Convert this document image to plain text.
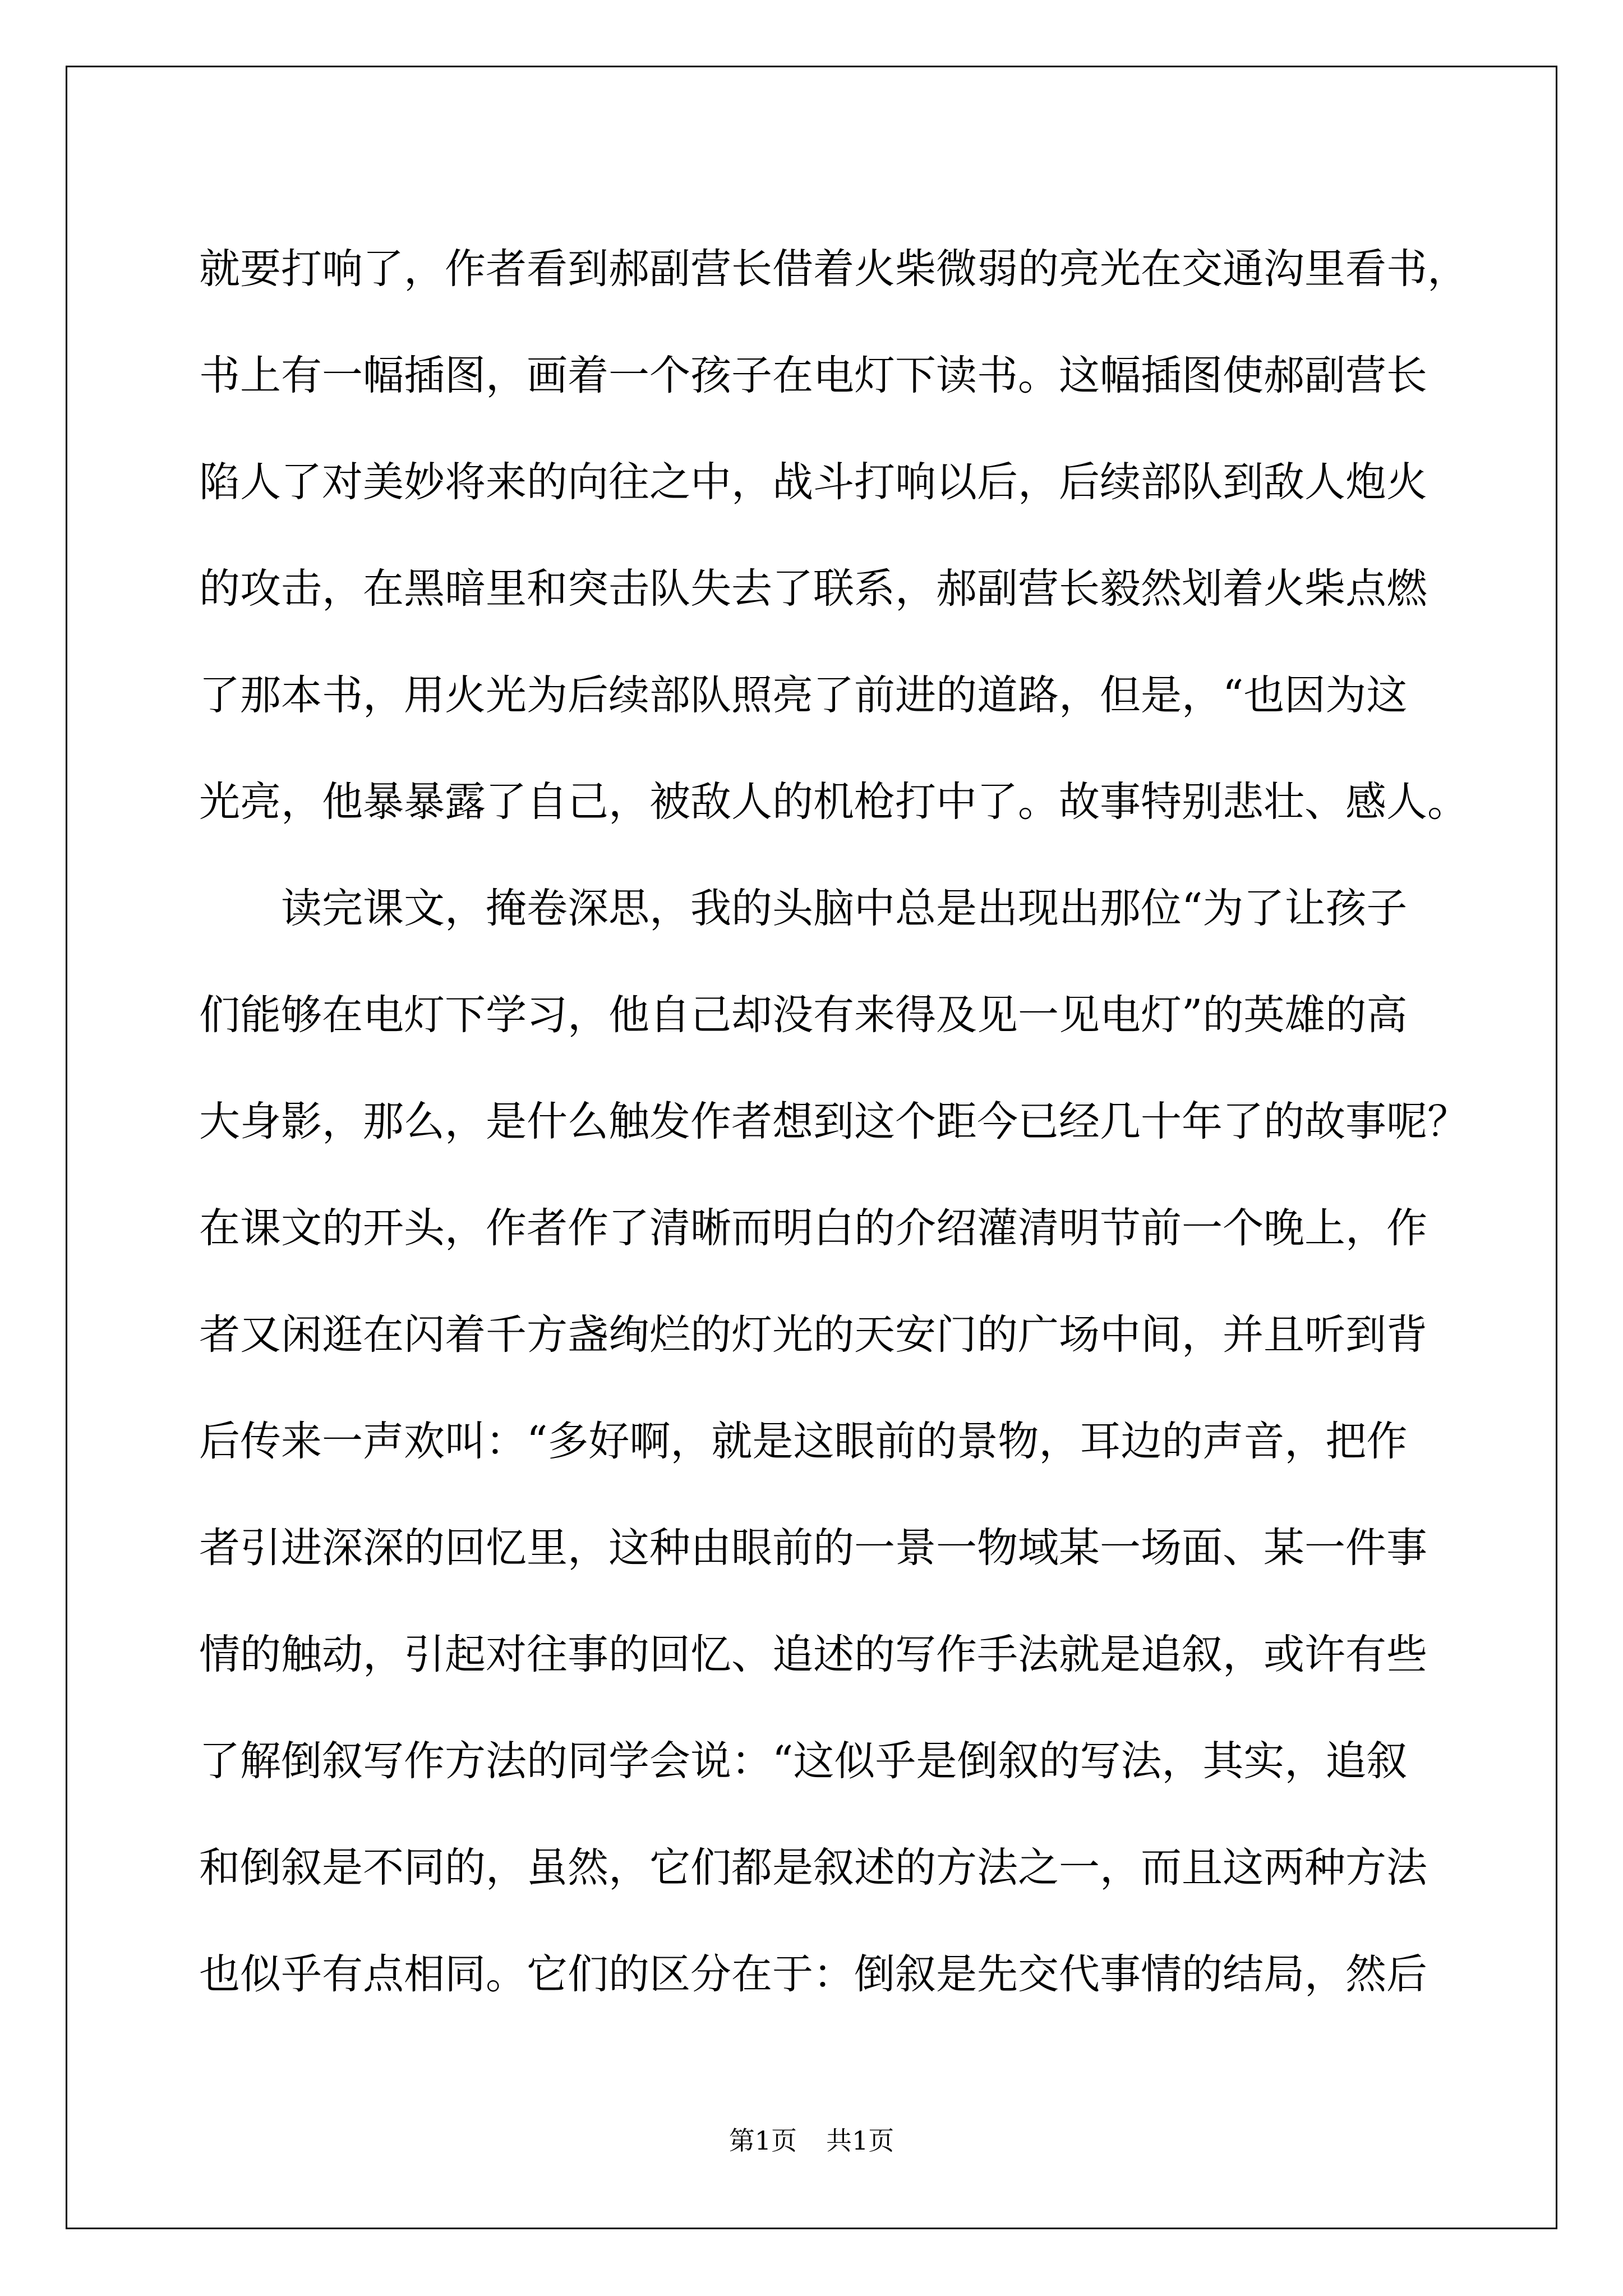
就要打响了，作者看到郝副营长借着火柴微弱的亮光在交通沟里看书，
书上有一幅插图，画着一个孩子在电灯下读书。这幅插图使郝副营长
陷人了对美妙将来的向往之中，战斗打响以后，后续部队到敌人炮火
的攻击，在黑暗里和突击队失去了联系，郝副营长毅然划着火柴点燃
了那本书，用火光为后续部队照亮了前进的道路，但是，“也因为这
光亮，他暴暴露了自己，被敌人的机枪打中了。故事特别悲壮、感人。
读完课文，掩卷深思，我的头脑中总是出现出那位“为了让孩子
们能够在电灯下学习，他自己却没有来得及见一见电灯”的英雄的高
大身影，那么，是什么触发作者想到这个距今已经几十年了的故事呢？
在课文的开头，作者作了清晰而明白的介绍灌清明节前一个晚上，作
者又闲逛在闪着千方盏绚烂的灯光的天安门的广场中间，并且听到背
后传来一声欢叫：“多好啊，就是这眼前的景物，耳边的声音，把作
者引进深深的回忆里，这种由眼前的一景一物域某一场面、某一件事
情的触动，引起对往事的回忆、追述的写作手法就是追叙，或许有些
了解倒叙写作方法的同学会说：“这似乎是倒叙的写法，其实，追叙
和倒叙是不同的，虽然，它们都是叙述的方法之一，而且这两种方法
也似乎有点相同。它们的区分在于：倒叙是先交代事情的结局，然后
第1页 共1页
